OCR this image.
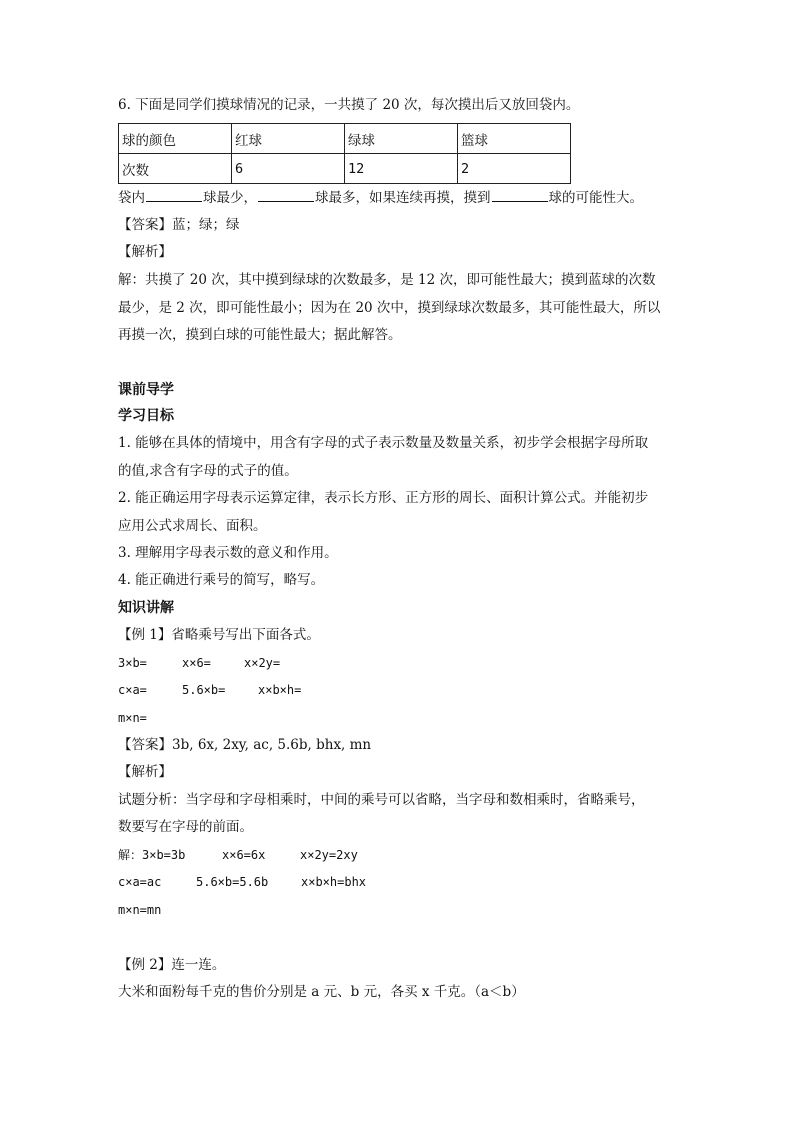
6. 下面是同学们摸球情况的记录，一共摸了 20 次，每次摸出后又放回袋内。
球的颜色	红球	绿球	篮球
次数	6	12	2
袋内	球最少，	球最多，如果连续再摸，摸到	球的可能性大。
【答案】蓝；绿；绿
【解析】
解：共摸了 20 次，其中摸到绿球的次数最多，是 12 次，即可能性最大；摸到蓝球的次数
最少，是 2 次，即可能性最小；因为在 20 次中，摸到绿球次数最多，其可能性最大，所以
再摸一次，摸到白球的可能性最大；据此解答。
课前导学
学习目标
1. 能够在具体的情境中，用含有字母的式子表示数量及数量关系，初步学会根据字母所取
的值,求含有字母的式子的值。
2. 能正确运用字母表示运算定律，表示长方形、正方形的周长、面积计算公式。并能初步
应用公式求周长、面积。
3. 理解用字母表示数的意义和作用。
4. 能正确进行乘号的简写，略写。
知识讲解
【例 1】省略乘号写出下面各式。
3×b=	x×6=	x×2y=
c×a=	5.6×b=	x×b×h=
m×n=
【答案】3b, 6x, 2xy, ac, 5.6b, bhx, mn
【解析】
试题分析：当字母和字母相乘时，中间的乘号可以省略，当字母和数相乘时，省略乘号，
数要写在字母的前面。
解：3×b=3b	x×6=6x	x×2y=2xy
c×a=ac	5.6×b=5.6b	x×b×h=bhx
m×n=mn
【例 2】连一连。
大米和面粉每千克的售价分别是 a 元、b 元，各买 x 千克。（a＜b）
